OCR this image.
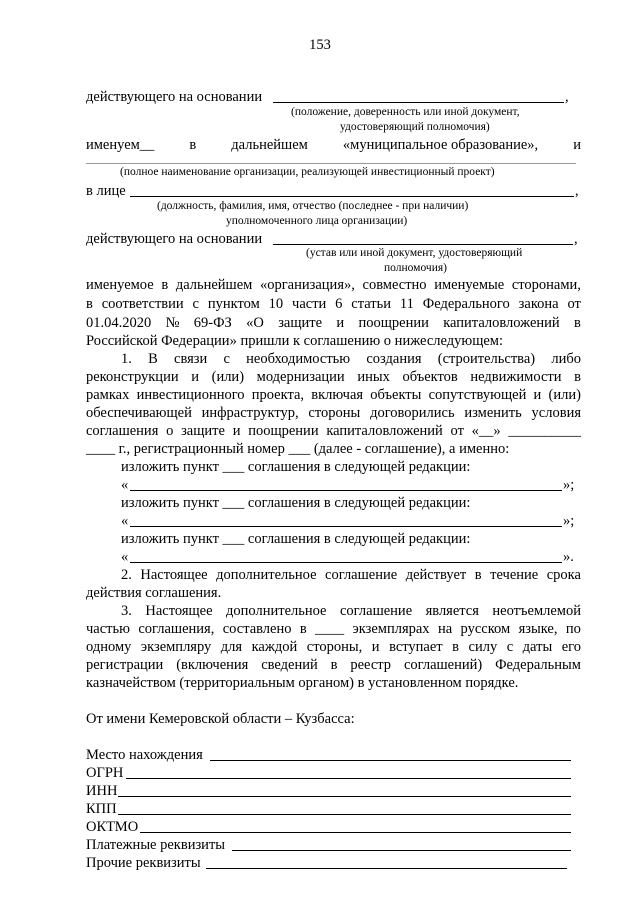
153
действующего на основании	,
(положение, доверенность или иной документ,
удостоверяющий полномочия)
именуем__ в дальнейшем «муниципальное образование», и
(полное наименование организации, реализующей инвестиционный проект)
в лице	,
(должность, фамилия, имя, отчество (последнее - при наличии)
уполномоченного лица организации)
действующего на основании	,
(устав или иной документ, удостоверяющий
полномочия)
именуемое в дальнейшем «организация», совместно именуемые сторонами,
в соответствии с пунктом 10 части 6 статьи 11 Федерального закона от
01.04.2020 № 69-ФЗ «О защите и поощрении капиталовложений в
Российской Федерации» пришли к соглашению о нижеследующем:
1. В связи с необходимостью создания (строительства) либо
реконструкции и (или) модернизации иных объектов недвижимости в
рамках инвестиционного проекта, включая объекты сопутствующей и (или)
обеспечивающей инфраструктур, стороны договорились изменить условия
соглашения о защите и поощрении капиталовложений от «__» __________
____ г., регистрационный номер ___ (далее - соглашение), а именно:
изложить пункт ___ соглашения в следующей редакции:
«	»;
изложить пункт ___ соглашения в следующей редакции:
«	»;
изложить пункт ___ соглашения в следующей редакции:
«	».
2. Настоящее дополнительное соглашение действует в течение срока
действия соглашения.
3. Настоящее дополнительное соглашение является неотъемлемой
частью соглашения, составлено в ____ экземплярах на русском языке, по
одному экземпляру для каждой стороны, и вступает в силу с даты его
регистрации (включения сведений в реестр соглашений) Федеральным
казначейством (территориальным органом) в установленном порядке.
От имени Кемеровской области – Кузбасса:
Место нахождения
ОГРН
ИНН
КПП
ОКТМО
Платежные реквизиты
Прочие реквизиты
